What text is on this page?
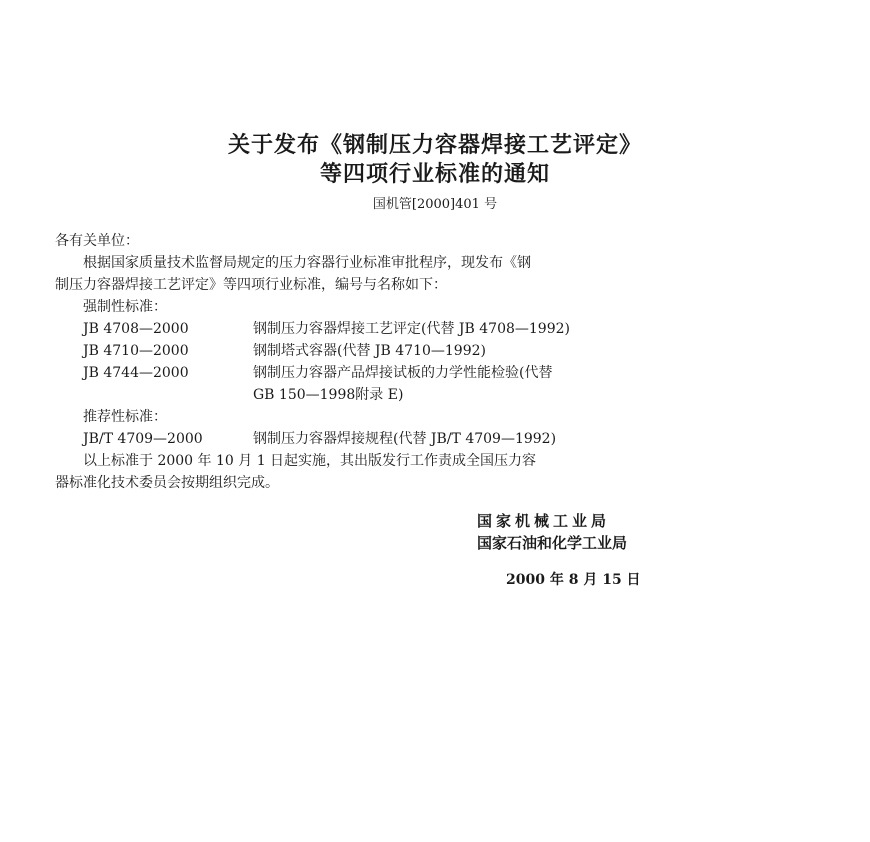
关于发布《钢制压力容器焊接工艺评定》
等四项行业标准的通知
国机管[2000]401 号
各有关单位：
根据国家质量技术监督局规定的压力容器行业标准审批程序，现发布《钢
制压力容器焊接工艺评定》等四项行业标准，编号与名称如下：
强制性标准：
JB 4708—2000	钢制压力容器焊接工艺评定(代替 JB 4708—1992)
JB 4710—2000	钢制塔式容器(代替 JB 4710—1992)
JB 4744—2000	钢制压力容器产品焊接试板的力学性能检验(代替
GB 150—1998附录 E)
推荐性标准：
JB/T 4709—2000	钢制压力容器焊接规程(代替 JB/T 4709—1992)
以上标准于 2000 年 10 月 1 日起实施，其出版发行工作责成全国压力容
器标准化技术委员会按期组织完成。
国家机械工业局
国家石油和化学工业局
2000 年 8 月 15 日
